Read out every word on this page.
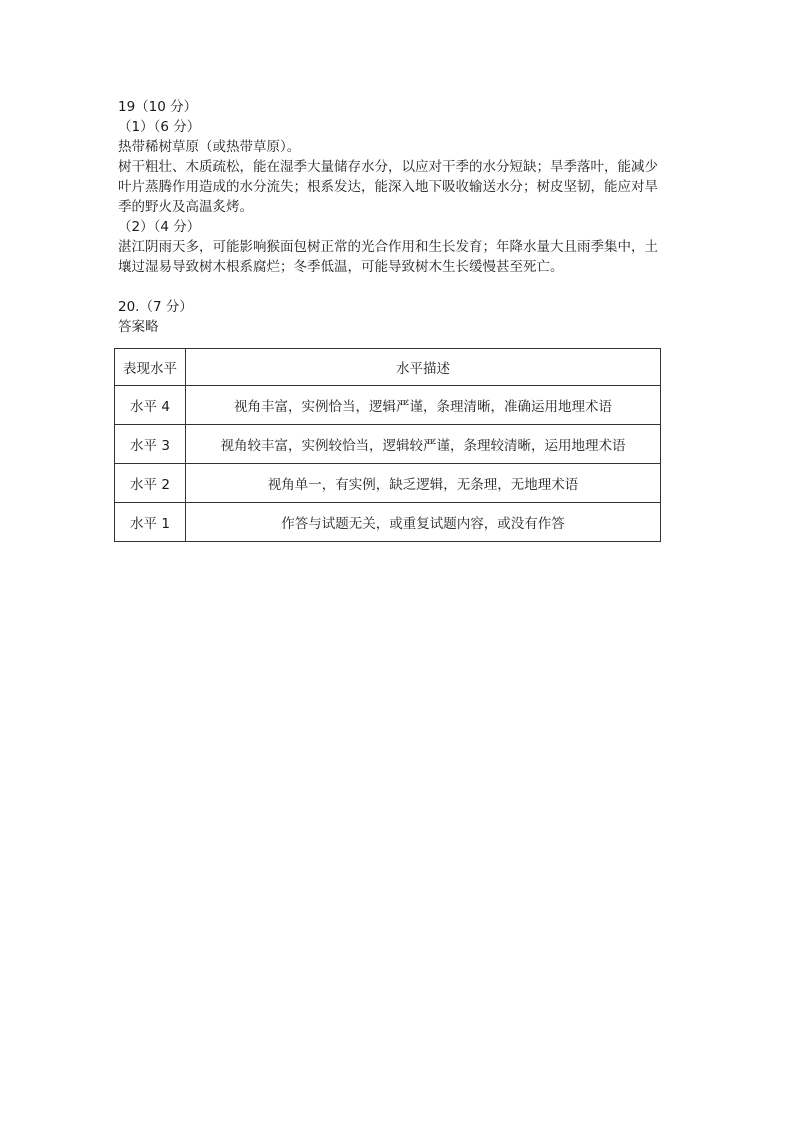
19（10 分）
（1）（6 分）
热带稀树草原（或热带草原）。
树干粗壮、木质疏松，能在湿季大量储存水分，以应对干季的水分短缺；旱季落叶，能减少
叶片蒸腾作用造成的水分流失；根系发达，能深入地下吸收输送水分；树皮坚韧，能应对旱
季的野火及高温炙烤。
（2）（4 分）
湛江阴雨天多，可能影响猴面包树正常的光合作用和生长发育；年降水量大且雨季集中，土
壤过湿易导致树木根系腐烂；冬季低温，可能导致树木生长缓慢甚至死亡。
20.（7 分）
答案略
表现水平	水平描述
水平 4	视角丰富，实例恰当，逻辑严谨，条理清晰，准确运用地理术语
水平 3	视角较丰富，实例较恰当，逻辑较严谨，条理较清晰，运用地理术语
水平 2	视角单一，有实例，缺乏逻辑，无条理，无地理术语
水平 1	作答与试题无关，或重复试题内容，或没有作答
